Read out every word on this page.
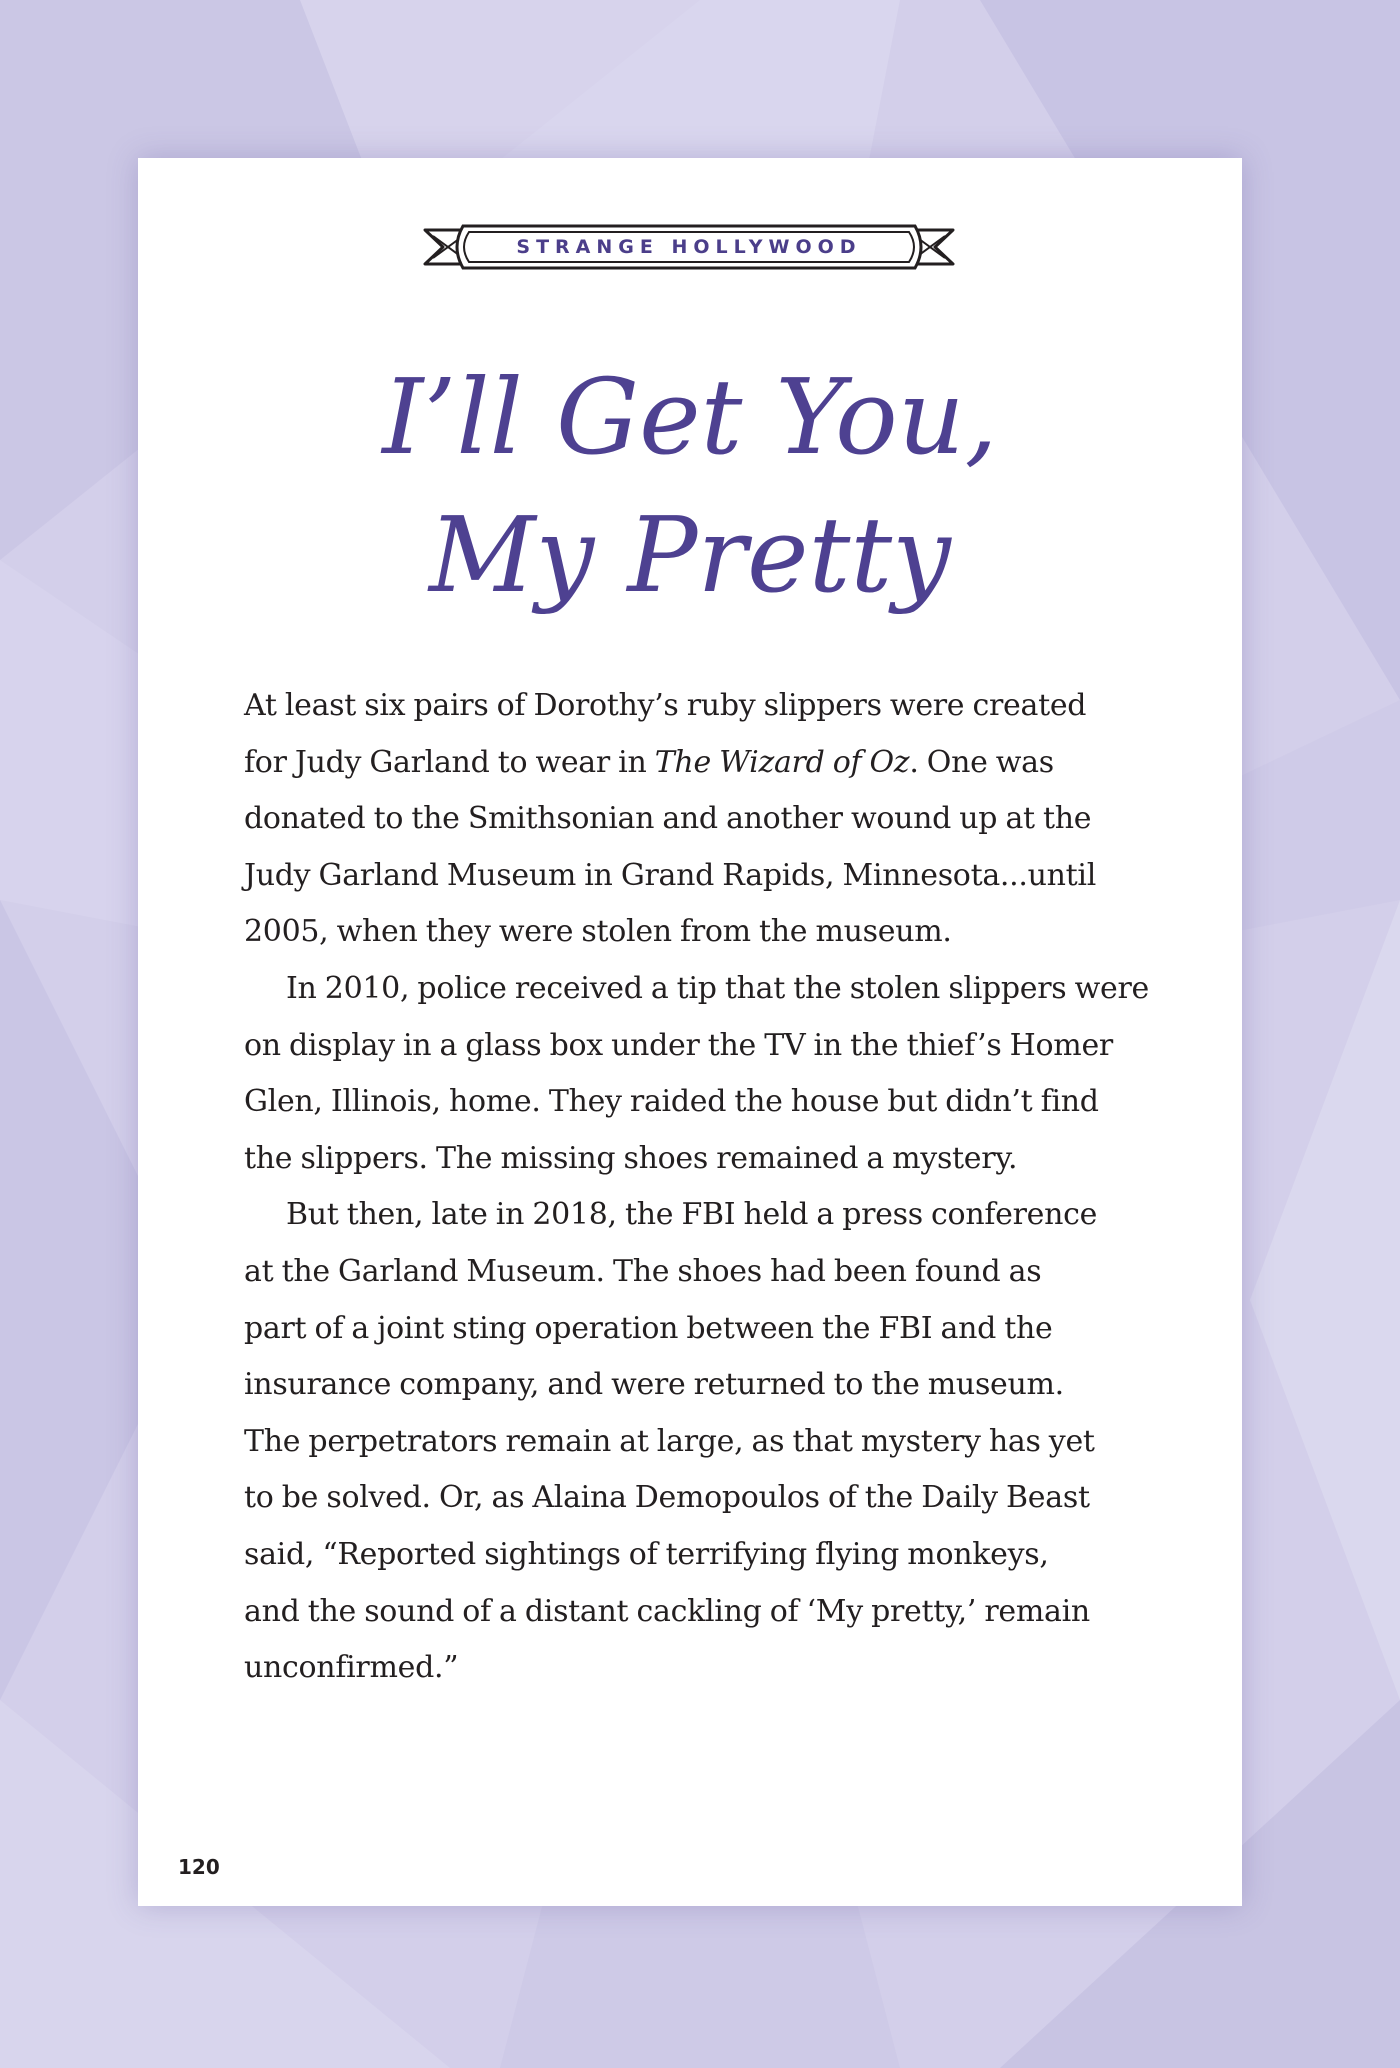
STRANGE HOLLYWOOD
I’ll Get You,
My Pretty
At least six pairs of Dorothy’s ruby slippers were created
for Judy Garland to wear in The Wizard of Oz. One was
donated to the Smithsonian and another wound up at the
Judy Garland Museum in Grand Rapids, Minnesota...until
2005, when they were stolen from the museum.
In 2010, police received a tip that the stolen slippers were
on display in a glass box under the TV in the thief’s Homer
Glen, Illinois, home. They raided the house but didn’t find
the slippers. The missing shoes remained a mystery.
But then, late in 2018, the FBI held a press conference
at the Garland Museum. The shoes had been found as
part of a joint sting operation between the FBI and the
insurance company, and were returned to the museum.
The perpetrators remain at large, as that mystery has yet
to be solved. Or, as Alaina Demopoulos of the Daily Beast
said, “Reported sightings of terrifying flying monkeys,
and the sound of a distant cackling of ‘My pretty,’ remain
unconfirmed.”
120
